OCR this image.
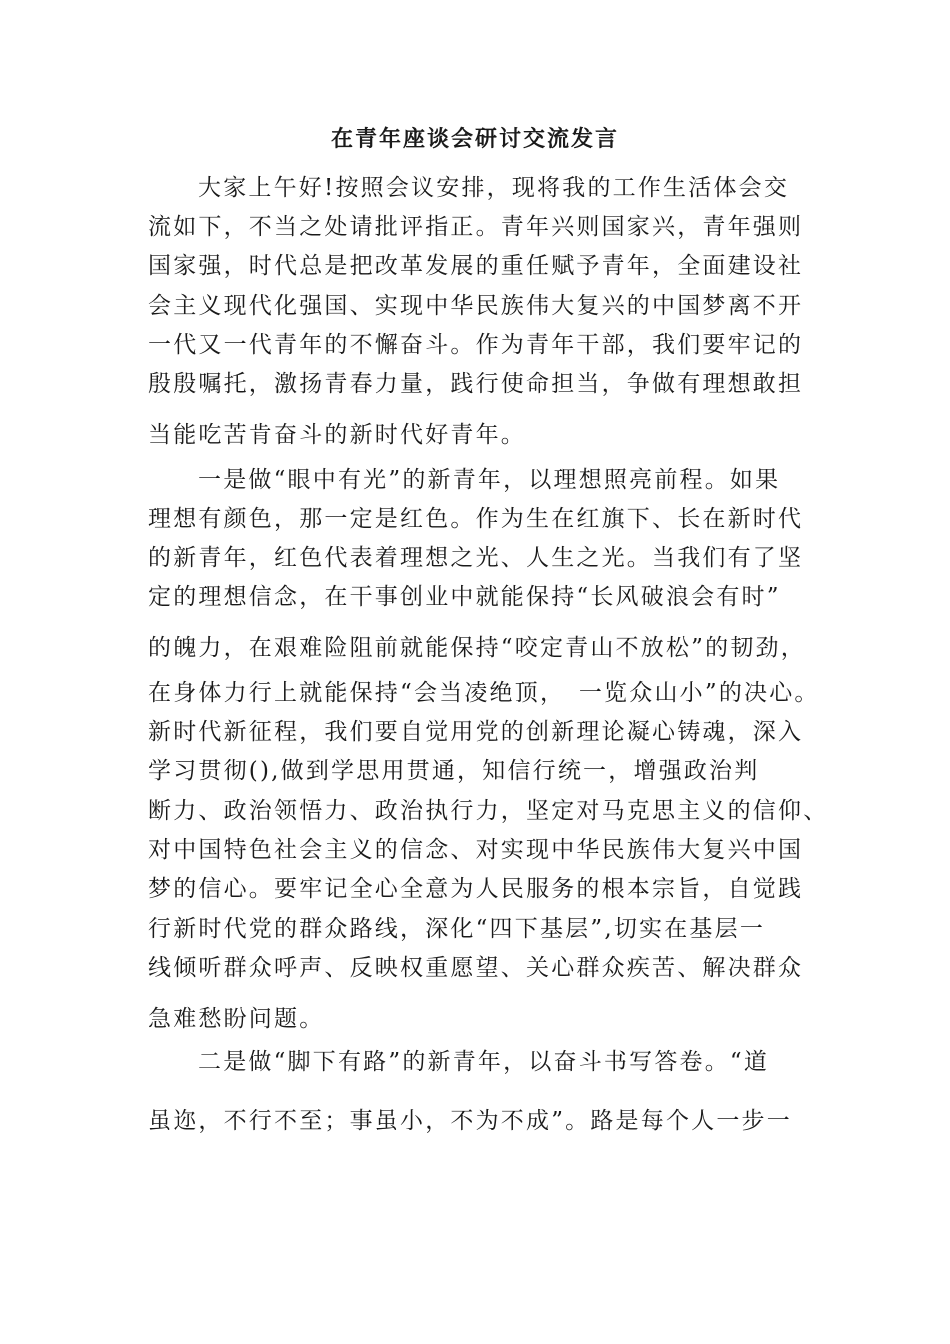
在青年座谈会研讨交流发言
大家上午好!按照会议安排，现将我的工作生活体会交
流如下，不当之处请批评指正。青年兴则国家兴，青年强则
国家强，时代总是把改革发展的重任赋予青年，全面建设社
会主义现代化强国、实现中华民族伟大复兴的中国梦离不开
一代又一代青年的不懈奋斗。作为青年干部，我们要牢记的
殷殷嘱托，激扬青春力量，践行使命担当，争做有理想敢担
当能吃苦肯奋斗的新时代好青年。
一是做“眼中有光”的新青年，以理想照亮前程。如果
理想有颜色，那一定是红色。作为生在红旗下、长在新时代
的新青年，红色代表着理想之光、人生之光。当我们有了坚
定的理想信念，在干事创业中就能保持“长风破浪会有时”
的魄力，在艰难险阻前就能保持“咬定青山不放松”的韧劲，
在身体力行上就能保持“会当凌绝顶，　一览众山小”的决心。
新时代新征程，我们要自觉用党的创新理论凝心铸魂，深入
学习贯彻(),做到学思用贯通，知信行统一，增强政治判
断力、政治领悟力、政治执行力，坚定对马克思主义的信仰、
对中国特色社会主义的信念、对实现中华民族伟大复兴中国
梦的信心。要牢记全心全意为人民服务的根本宗旨，自觉践
行新时代党的群众路线，深化“四下基层”,切实在基层一
线倾听群众呼声、反映权重愿望、关心群众疾苦、解决群众
急难愁盼问题。
二是做“脚下有路”的新青年，以奋斗书写答卷。“道
虽迩，不行不至；事虽小，不为不成”。路是每个人一步一
